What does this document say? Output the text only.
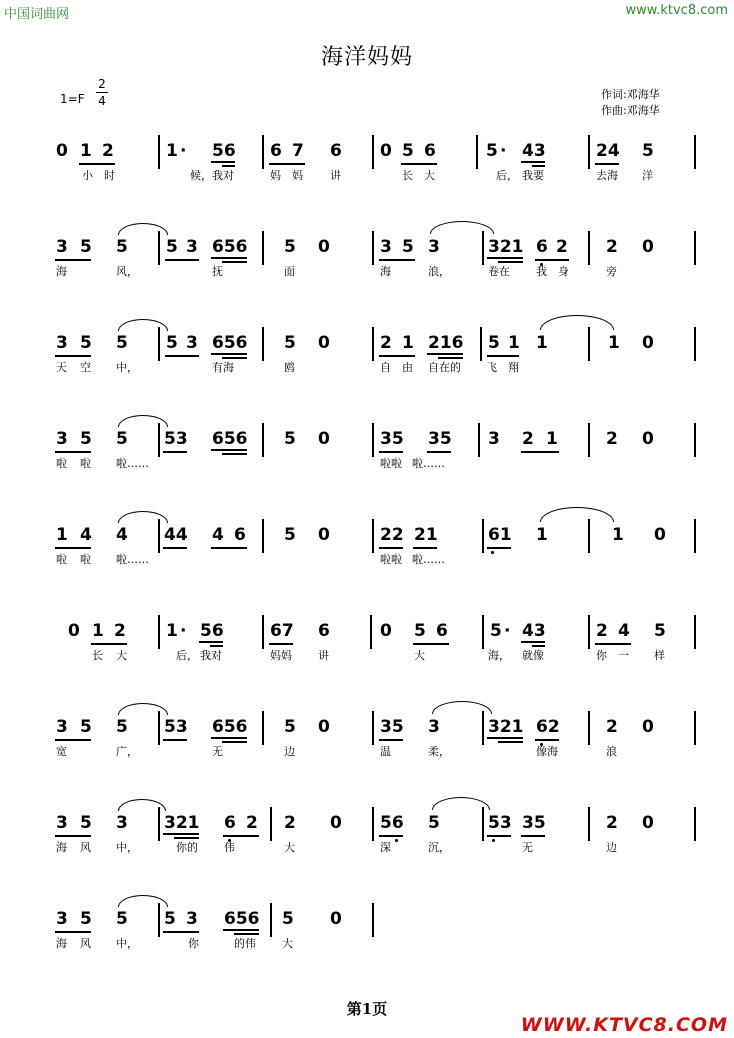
中国词曲网	www.ktvc8.com
海洋妈妈
1=F
2
4	作词:邓海华
作曲:邓海华
0 1 2	1 · 56 6 7 6 0 5 6	5 · 43	24 5
小 时	候， 我对	妈 妈 讲	长 大	后， 我要	去海 洋
3 5 5 5 3 656 5 0	3 5 3	321 6 2 2 0
海	风，	抚	面	海	浪，	卷在 我 身	旁
3 5 5 5 3 656 5 0	2 1 216 5 1 1	1 0
天 空 中，	有海	鸥	自 由 自在的 飞 翔
3 5 5 53 656 5 0	35 35 3 2 1	2 0
啦 啦 啦……	啦啦 啦……
1 4 4 44 4 6 5 0	22 21	61 1	1 0
啦 啦 啦……	啦啦 啦……
0 1 2 1 · 56	67 6	0 5 6 5 · 43	2 4 5
长 大	后， 我对	妈妈 讲	大	海， 就像	你 一 样
3 5 5 53 656 5 0	35 3	321 62	2 0
宽	广，	无	边	温	柔，	像海	浪
3 5 3 321 6 2 2 0 56 5	53 35	2 0
海 风 中，	你的 伟	大	深	沉，	无	边
3 5 5 5 3 656 5 0
海 风 中，	你	的伟 大
第1页
WWW.KTVC8.COM
